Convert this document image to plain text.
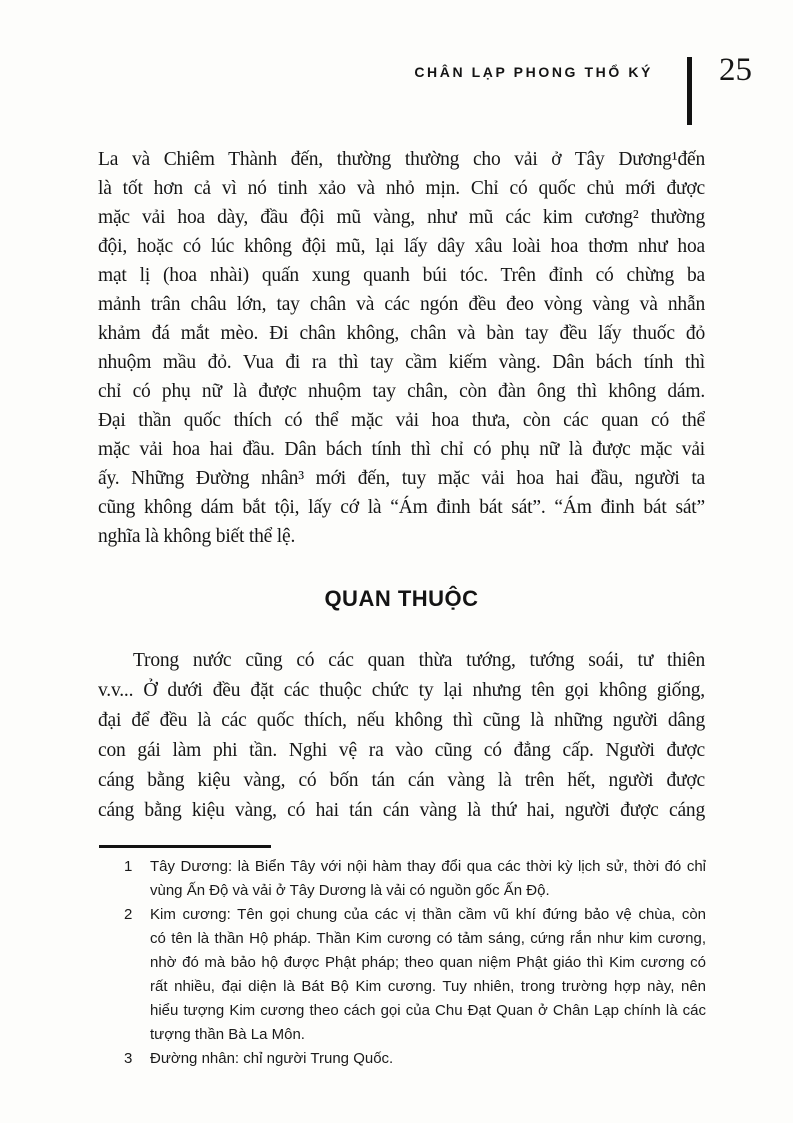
CHÂN LẠP PHONG THỔ KÝ 25
La và Chiêm Thành đến, thường thường cho vải ở Tây Dương¹đến
là tốt hơn cả vì nó tinh xảo và nhỏ mịn. Chỉ có quốc chủ mới được
mặc vải hoa dày, đầu đội mũ vàng, như mũ các kim cương² thường
đội, hoặc có lúc không đội mũ, lại lấy dây xâu loài hoa thơm như hoa
mạt lị (hoa nhài) quấn xung quanh búi tóc. Trên đỉnh có chừng ba
mảnh trân châu lớn, tay chân và các ngón đều đeo vòng vàng và nhẫn
khảm đá mắt mèo. Đi chân không, chân và bàn tay đều lấy thuốc đỏ
nhuộm mầu đỏ. Vua đi ra thì tay cầm kiếm vàng. Dân bách tính thì
chỉ có phụ nữ là được nhuộm tay chân, còn đàn ông thì không dám.
Đại thần quốc thích có thể mặc vải hoa thưa, còn các quan có thể
mặc vải hoa hai đầu. Dân bách tính thì chỉ có phụ nữ là được mặc vải
ấy. Những Đường nhân³ mới đến, tuy mặc vải hoa hai đầu, người ta
cũng không dám bắt tội, lấy cớ là “Ám đinh bát sát”. “Ám đinh bát sát”
nghĩa là không biết thể lệ.
QUAN THUỘC
Trong nước cũng có các quan thừa tướng, tướng soái, tư thiên
v.v... Ở dưới đều đặt các thuộc chức ty lại nhưng tên gọi không giống,
đại để đều là các quốc thích, nếu không thì cũng là những người dâng
con gái làm phi tần. Nghi vệ ra vào cũng có đẳng cấp. Người được
cáng bằng kiệu vàng, có bốn tán cán vàng là trên hết, người được
cáng bằng kiệu vàng, có hai tán cán vàng là thứ hai, người được cáng
1	Tây Dương: là Biển Tây với nội hàm thay đổi qua các thời kỳ lịch sử, thời đó chỉ
vùng Ấn Độ và vải ở Tây Dương là vải có nguồn gốc Ấn Độ.
2	Kim cương: Tên gọi chung của các vị thần cầm vũ khí đứng bảo vệ chùa, còn
có tên là thần Hộ pháp. Thần Kim cương có tảm sáng, cứng rắn như kim cương,
nhờ đó mà bảo hộ được Phật pháp; theo quan niệm Phật giáo thì Kim cương có
rất nhiều, đại diện là Bát Bộ Kim cương. Tuy nhiên, trong trường hợp này, nên
hiểu tượng Kim cương theo cách gọi của Chu Đạt Quan ở Chân Lạp chính là các
tượng thần Bà La Môn.
3	Đường nhân: chỉ người Trung Quốc.
